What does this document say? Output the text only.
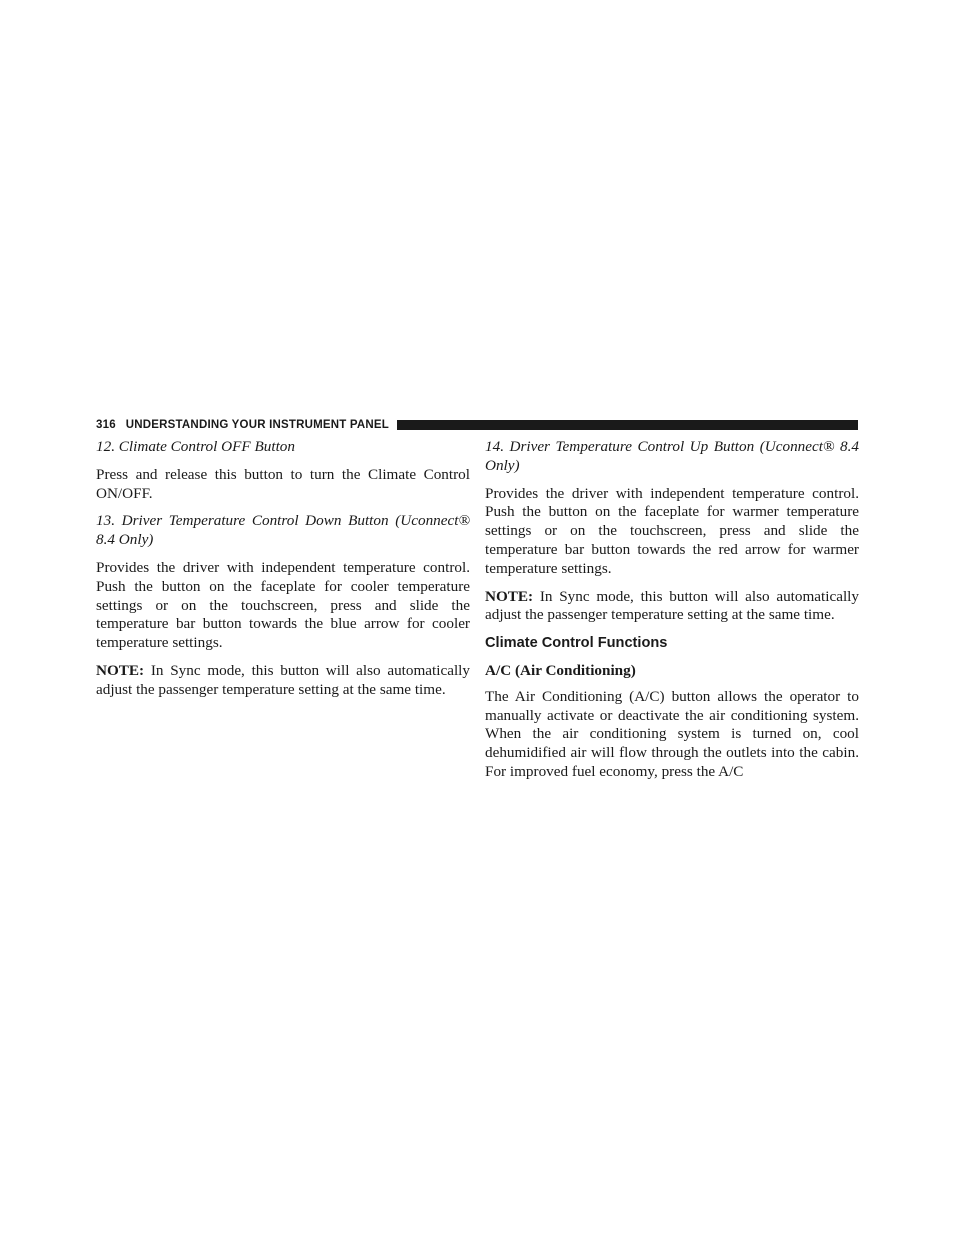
316 UNDERSTANDING YOUR INSTRUMENT PANEL

12. Climate Control OFF Button

Press and release this button to turn the Climate Control ON/OFF.

13. Driver Temperature Control Down Button (Uconnect® 8.4 Only)

Provides the driver with independent temperature control. Push the button on the faceplate for cooler temperature settings or on the touchscreen, press and slide the temperature bar button towards the blue arrow for cooler temperature settings.

NOTE: In Sync mode, this button will also automatically adjust the passenger temperature setting at the same time.

14. Driver Temperature Control Up Button (Uconnect® 8.4 Only)

Provides the driver with independent temperature control. Push the button on the faceplate for warmer temperature settings or on the touchscreen, press and slide the temperature bar button towards the red arrow for warmer temperature settings.

NOTE: In Sync mode, this button will also automatically adjust the passenger temperature setting at the same time.

Climate Control Functions
A/C (Air Conditioning)

The Air Conditioning (A/C) button allows the operator to manually activate or deactivate the air conditioning system. When the air conditioning system is turned on, cool dehumidified air will flow through the outlets into the cabin. For improved fuel economy, press the A/C
